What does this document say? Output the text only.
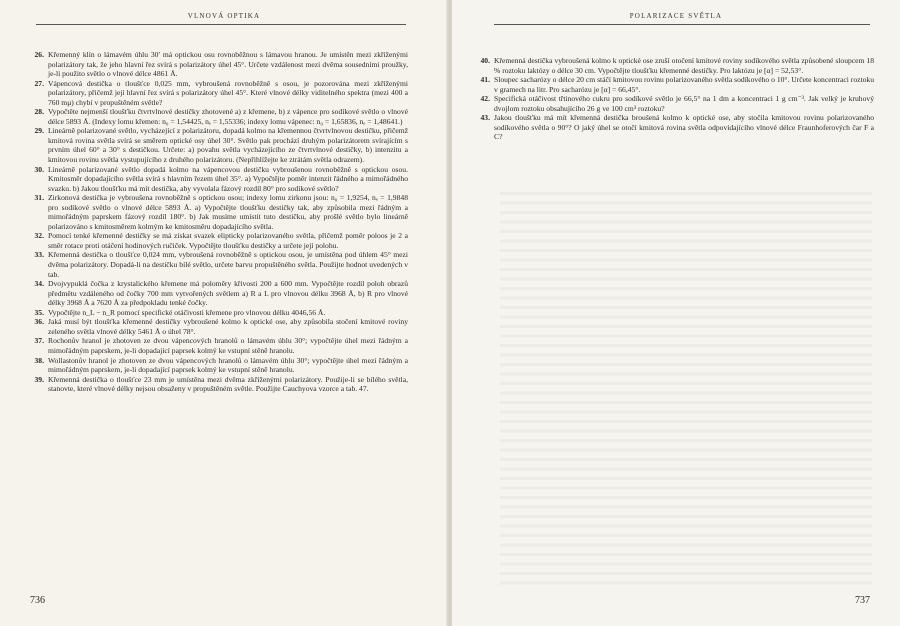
VLNOVÁ OPTIKA
26. Křemenný klín o lámavém úhlu 30′ má optickou osu rovnoběžnou s lámavou hranou. Je umístěn mezi zkříženými polarizátory tak, že jeho hlavní řez svírá s polarizátory úhel 45°. Určete vzdálenost mezi dvěma sousedními proužky, je-li použito světlo o vlnové délce 4861 Å.
27. Vápencová destička o tloušťce 0,025 mm, vybroušená rovnoběžně s osou, je pozorována mezi zkříženými polarizátory, přičemž její hlavní řez svírá s polarizátory úhel 45°. Které vlnové délky viditelného spektra (mezi 400 a 760 mμ) chybí v propuštěném světle?
28. Vypočtěte nejmenší tloušťku čtvrtvlnové destičky zhotovené a) z křemene, b) z vápence pro sodíkové světlo o vlnové délce 5893 Å. (Indexy lomu křemen: n₀ = 1,54425, nₑ = 1,55336; indexy lomu vápenec: n₀ = 1,65836, nₑ = 1,48641.)
29. Lineárně polarizované světlo, vycházející z polarizátoru, dopadá kolmo na křemennou čtvrtvlnovou destičku, přičemž kmitová rovina světla svírá se směrem optické osy úhel 30°. Světlo pak prochází druhým polarizátorem svírajícím s prvním úhel 60° a 30° s destičkou. Určete: a) povahu světla vycházejícího ze čtvrtvlnové destičky, b) intenzitu a kmitovou rovinu světla vystupujícího z druhého polarizátoru. (Nepřihlížejte ke ztrátám světla odrazem).
30. Lineárně polarizované světlo dopadá kolmo na vápencovou destičku vybroušenou rovnoběžně s optickou osou. Kmitosměr dopadajícího světla svírá s hlavním řezem úhel 35°. a) Vypočtějte poměr intenzit řádného a mimořádného svazku. b) Jakou tloušťku má mít destička, aby vyvolala fázový rozdíl 80° pro sodíkové světlo?
31. Zirkonová destička je vybroušena rovnoběžně s optickou osou; indexy lomu zirkonu jsou: n₀ = 1,9254, nₑ = 1,9848 pro sodíkové světlo o vlnové délce 5893 Å. a) Vypočtějte tloušťku destičky tak, aby způsobila mezi řádným a mimořádným paprskem fázový rozdíl 180°. b) Jak musíme umístit tuto destičku, aby prošlé světlo bylo lineárně polarizováno s kmitosměrem kolmým ke kmitosměru dopadajícího světla.
32. Pomocí tenké křemenné destičky se má získat svazek elipticky polarizovaného světla, přičemž poměr poloos je 2 a směr rotace proti otáčení hodinových ručiček. Vypočtějte tloušťku destičky a určete její polohu.
33. Křemenná destička o tloušťce 0,024 mm, vybroušená rovnoběžně s optickou osou, je umístěna pod úhlem 45° mezi dvěma polarizátory. Dopadá-li na destičku bílé světlo, určete barvu propuštěného světla. Použijte hodnot uvedených v tab.
34. Dvojvypuklá čočka z krystalického křemene má poloměry křivosti 200 a 600 mm. Vypočtějte rozdíl poloh obrazů předmětu vzdáleného od čočky 700 mm vytvořených světlem a) R a L pro vlnovou délku 3968 Å, b) R pro vlnové délky 3968 Å a 7620 Å za předpokladu tenké čočky.
35. Vypočtějte n_L − n_R pomocí specifické otáčivosti křemene pro vlnovou délku 4046,56 Å.
36. Jaká musí být tloušťka křemenné destičky vybroušené kolmo k optické ose, aby způsobila stočení kmitové roviny zeleného světla vlnové délky 5461 Å o úhel 78°.
37. Rochonův hranol je zhotoven ze dvou vápencových hranolů o lámavém úhlu 30°; vypočtějte úhel mezi řádným a mimořádným paprskem, je-li dopadající paprsek kolmý ke vstupní stěně hranolu.
38. Wollastonův hranol je zhotoven ze dvou vápencových hranolů o lámavém úhlu 30°; vypočtějte úhel mezi řádným a mimořádným paprskem, je-li dopadající paprsek kolmý ke vstupní stěně hranolu.
39. Křemenná destička o tloušťce 23 mm je umístěna mezi dvěma zkříženými polarizátory. Použije-li se bílého světla, stanovte, které vlnové délky nejsou obsaženy v propuštěném světle. Použijte Cauchyova vzorce a tab. 47.
736
POLARIZACE SVĚTLA
40. Křemenná destička vybroušená kolmo k optické ose zruší otočení kmitové roviny sodíkového světla způsobené sloupcem 18 % roztoku laktózy o délce 30 cm. Vypočtějte tloušťku křemenné destičky. Pro laktózu je [α] = 52,53°.
41. Sloupec sacharózy o délce 20 cm stáčí kmitovou rovinu polarizovaného světla sodíkového o 10°. Určete koncentraci roztoku v gramech na litr. Pro sacharózu je [α] = 66,45°.
42. Specifická otáčivost třtinového cukru pro sodíkové světlo je 66,5° na 1 dm a koncentraci 1 g cm⁻³. Jak velký je kruhový dvojlom roztoku obsahujícího 26 g ve 100 cm³ roztoku?
43. Jakou tloušťku má mít křemenná destička broušená kolmo k optické ose, aby stočila kmitovou rovinu polarizovaného sodíkového světla o 90°? O jaký úhel se otočí kmitová rovina světla odpovídajícího vlnové délce Fraunhoferových čar F a C?
737
